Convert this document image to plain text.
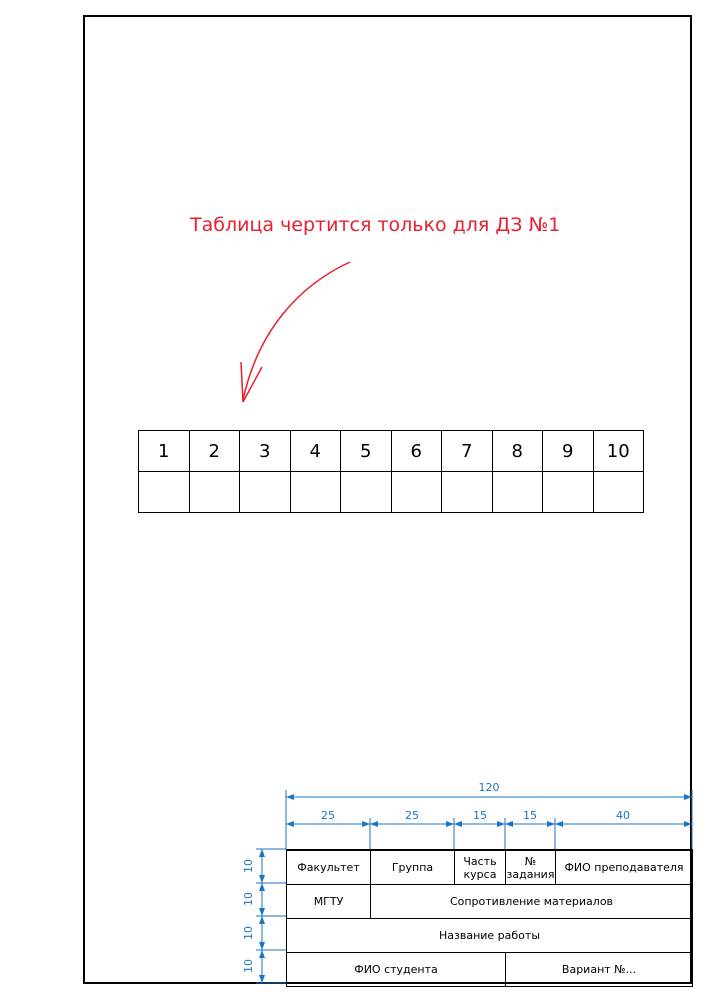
Таблица чертится только для ДЗ №1
120
25	25	15	15	40
10
10
10
10
1	2	3	4	5	6	7	8	9	10

Факультет	Группа	Часть курса	№ задания	ФИО преподавателя
МГТУ	Сопротивление материалов			
Название работы				
ФИО студента			Вариант №...	
